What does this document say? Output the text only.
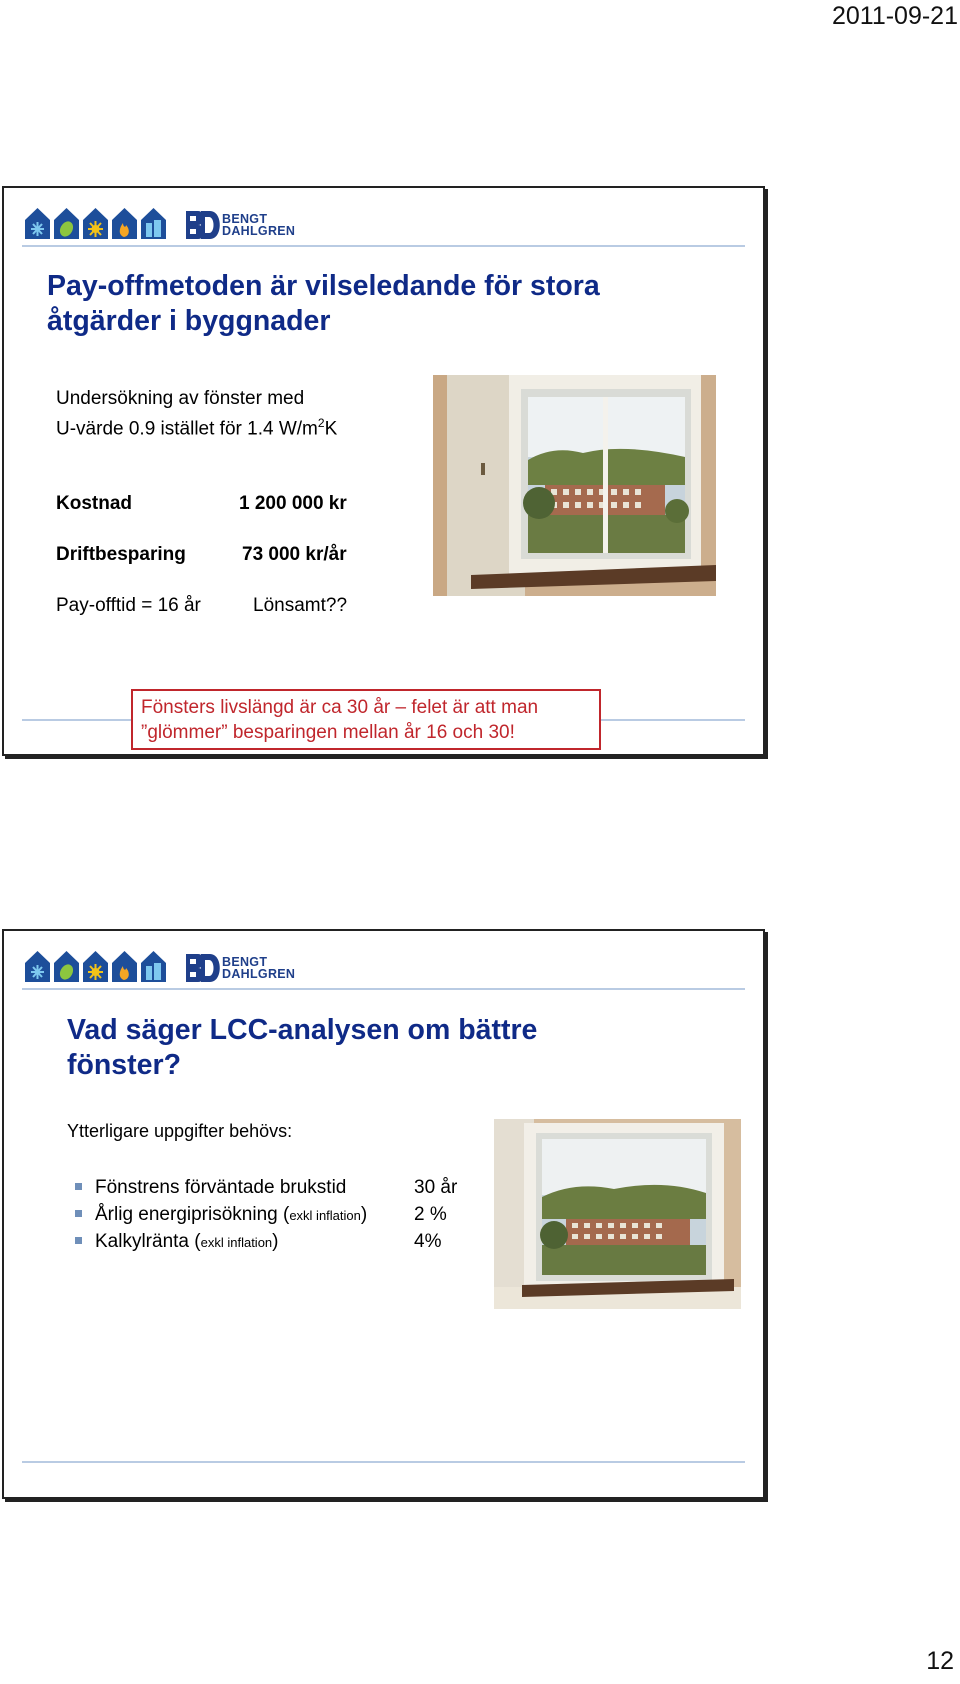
2011-09-21
BENGT
DAHLGREN
Pay-offmetoden är vilseledande för stora
åtgärder i byggnader
Undersökning av fönster med
U-värde 0.9 istället för 1.4 $W/m^2K$
Kostnad	1 200 000 kr
Driftbesparing	73 000 kr/år
Pay-offtid = 16 år	Lönsamt??
Fönsters livslängd är ca 30 år – felet är att man
”glömmer” besparingen mellan år 16 och 30!
BENGT
DAHLGREN
Vad säger LCC-analysen om bättre
fönster?
Ytterligare uppgifter behövs:
Fönstrens förväntade brukstid	30 år
Årlig energiprisökning (exkl inflation)	2 %
Kalkylränta (exkl inflation)	4%
12
